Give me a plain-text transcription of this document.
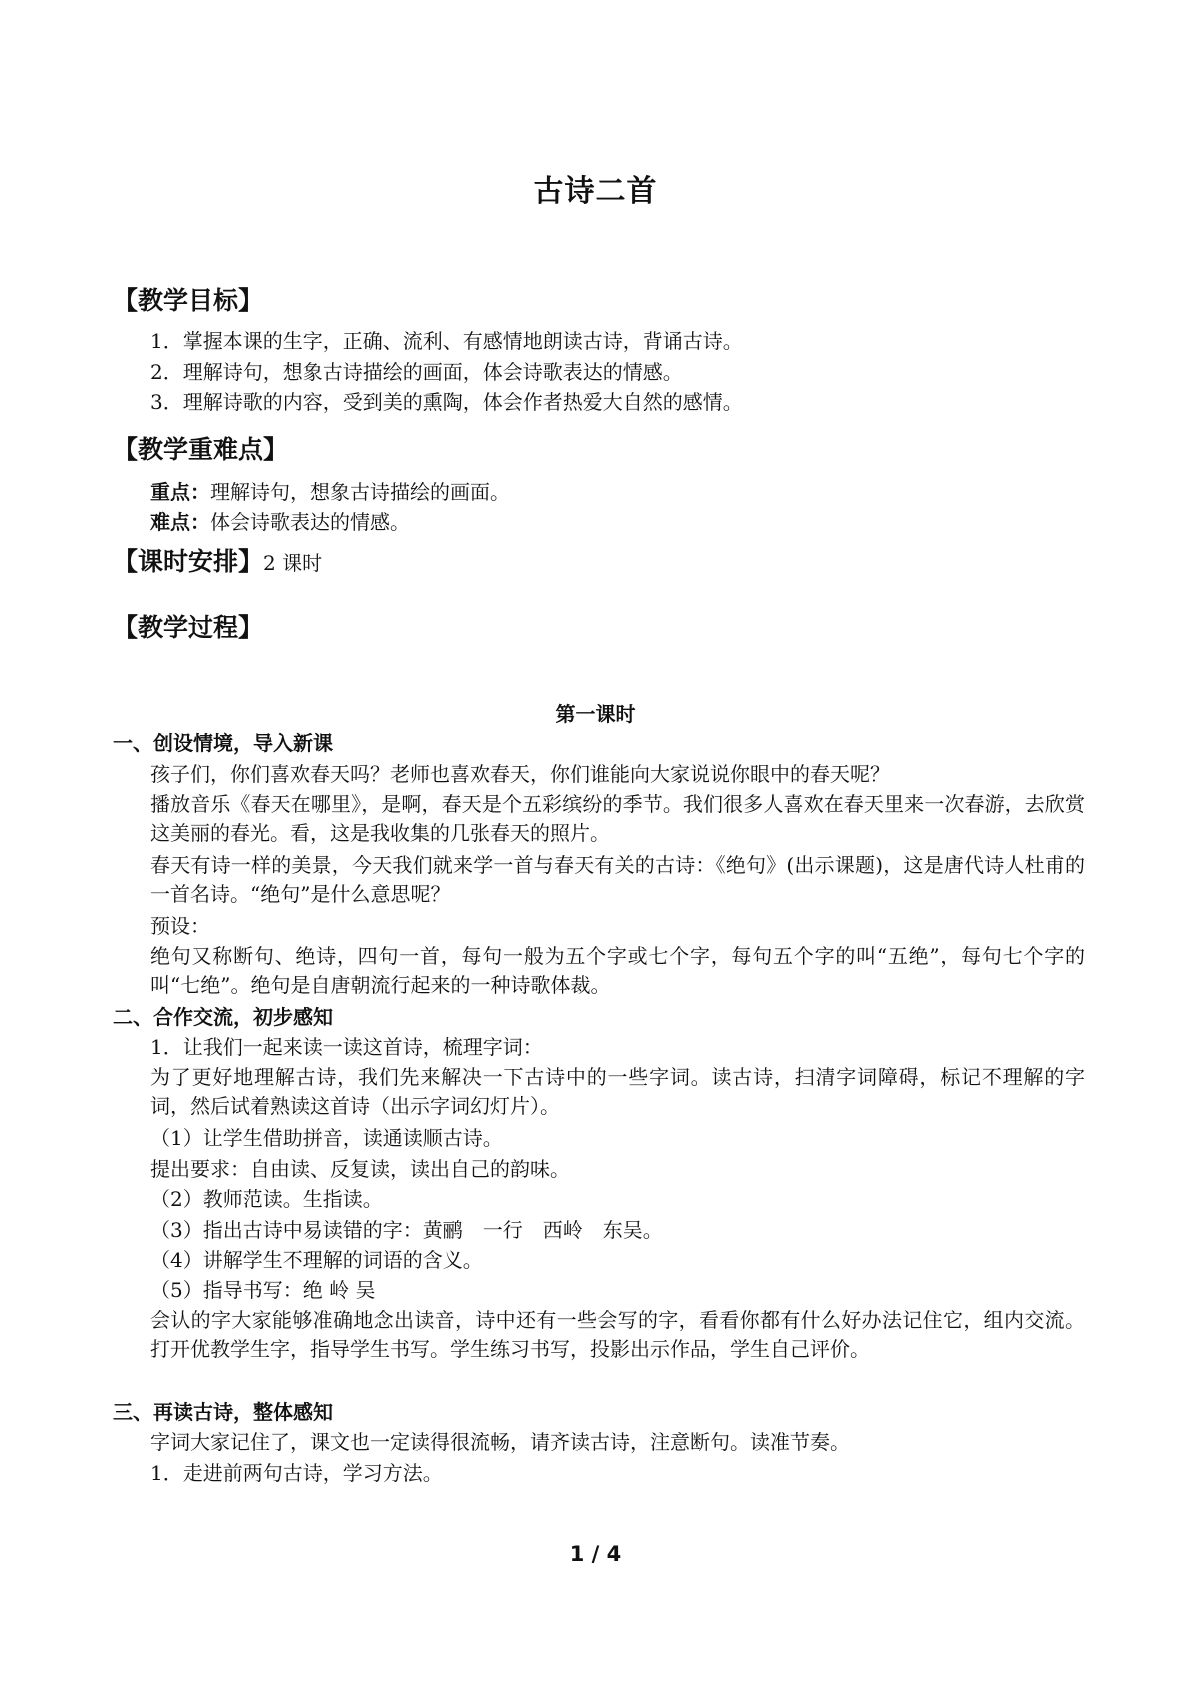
古诗二首
【教学目标】
1．掌握本课的生字，正确、流利、有感情地朗读古诗，背诵古诗。
2．理解诗句，想象古诗描绘的画面，体会诗歌表达的情感。
3．理解诗歌的内容，受到美的熏陶，体会作者热爱大自然的感情。
【教学重难点】
重点：理解诗句，想象古诗描绘的画面。
难点：体会诗歌表达的情感。
【课时安排】2 课时
【教学过程】
第一课时
一、创设情境，导入新课
孩子们，你们喜欢春天吗？老师也喜欢春天，你们谁能向大家说说你眼中的春天呢？
播放音乐《春天在哪里》，是啊，春天是个五彩缤纷的季节。我们很多人喜欢在春天里来一次春游，去欣赏这美丽的春光。看，这是我收集的几张春天的照片。
春天有诗一样的美景，今天我们就来学一首与春天有关的古诗：《绝句》(出示课题)，这是唐代诗人杜甫的一首名诗。“绝句”是什么意思呢？
预设：
绝句又称断句、绝诗，四句一首，每句一般为五个字或七个字，每句五个字的叫“五绝”，每句七个字的叫“七绝”。绝句是自唐朝流行起来的一种诗歌体裁。
二、合作交流，初步感知
1．让我们一起来读一读这首诗，梳理字词：
为了更好地理解古诗，我们先来解决一下古诗中的一些字词。读古诗，扫清字词障碍，标记不理解的字词，然后试着熟读这首诗（出示字词幻灯片）。
（1）让学生借助拼音，读通读顺古诗。
提出要求：自由读、反复读，读出自己的韵味。
（2）教师范读。生指读。
（3）指出古诗中易读错的字：黄鹂　一行　西岭　东吴。
（4）讲解学生不理解的词语的含义。
（5）指导书写：绝 岭 吴
会认的字大家能够准确地念出读音，诗中还有一些会写的字，看看你都有什么好办法记住它，组内交流。打开优教学生字，指导学生书写。学生练习书写，投影出示作品，学生自己评价。
三、再读古诗，整体感知
字词大家记住了，课文也一定读得很流畅，请齐读古诗，注意断句。读准节奏。
1．走进前两句古诗，学习方法。
1 / 4
